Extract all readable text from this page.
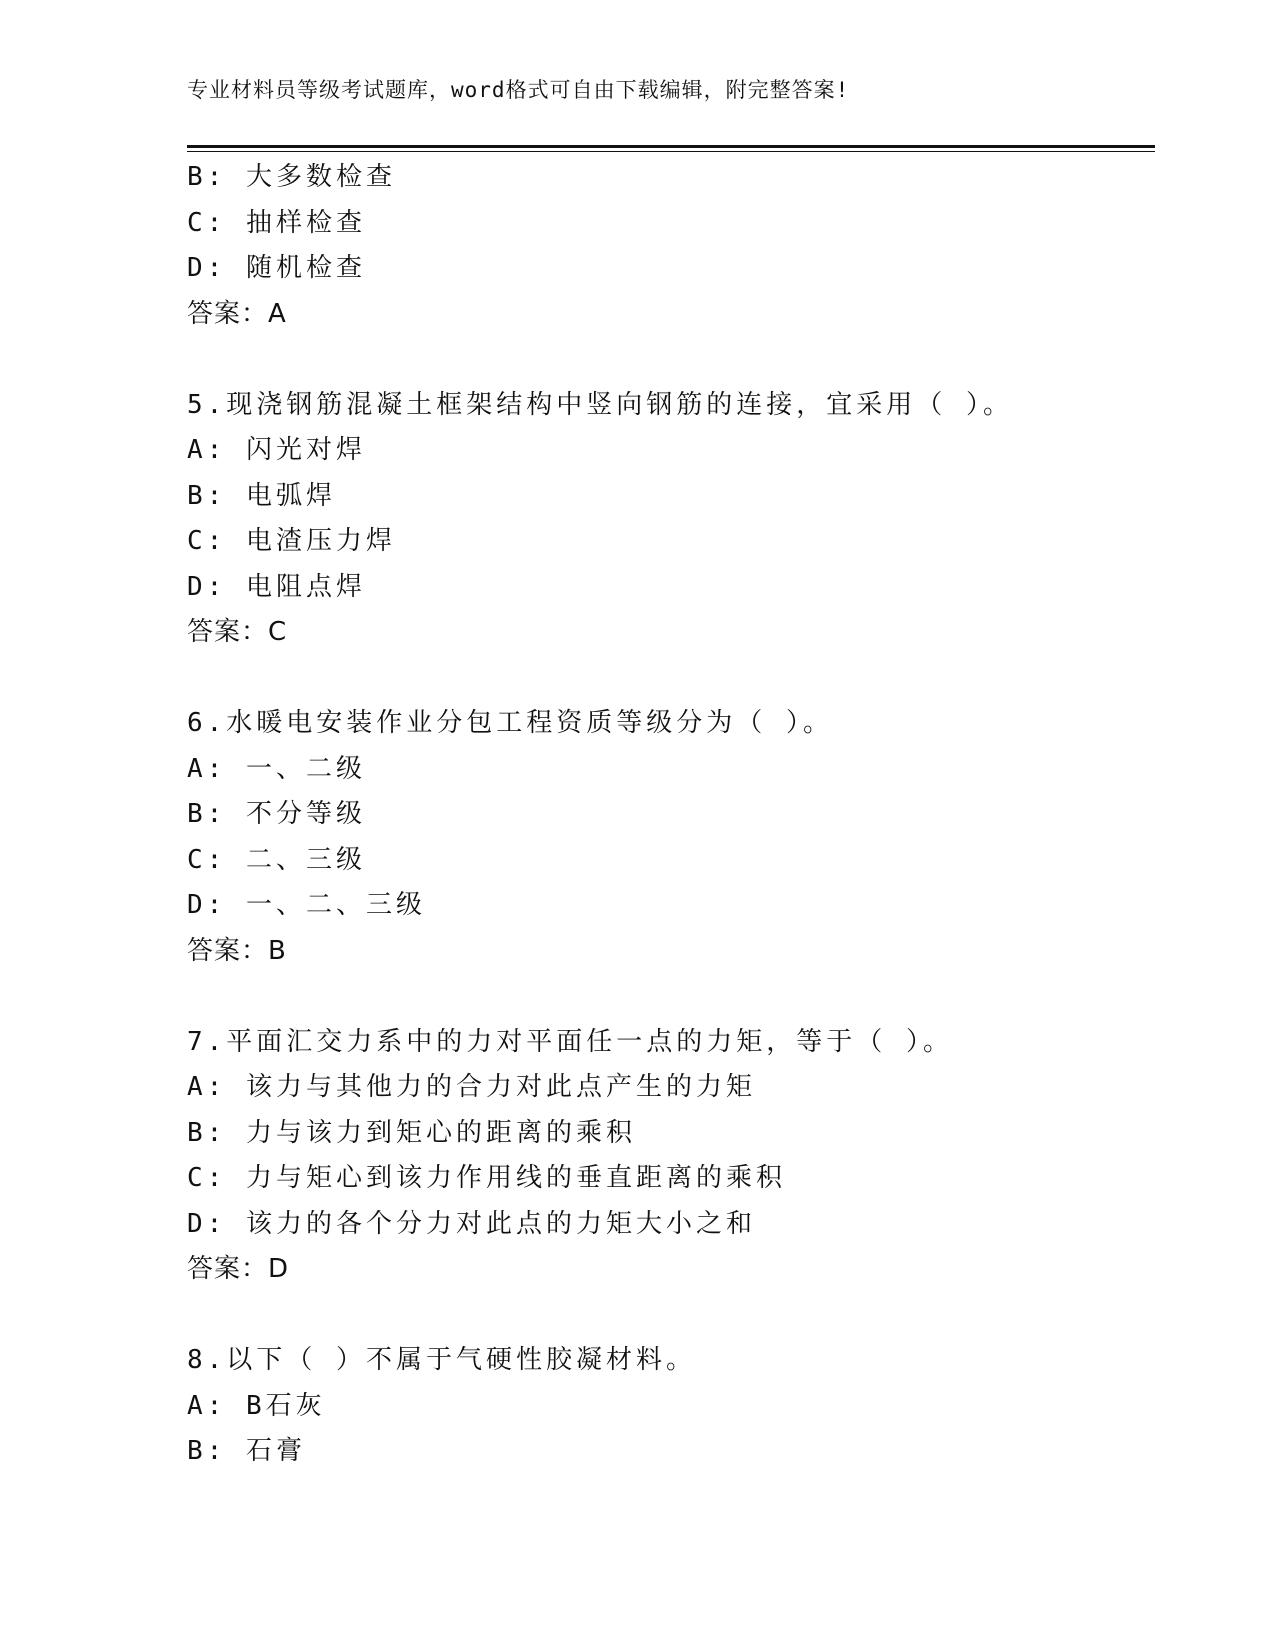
专业材料员等级考试题库，word格式可自由下载编辑，附完整答案!
B: 大多数检查
C: 抽样检查
D: 随机检查
答案：A
5.现浇钢筋混凝土框架结构中竖向钢筋的连接，宜采用（ ）。
A: 闪光对焊
B: 电弧焊
C: 电渣压力焊
D: 电阻点焊
答案：C
6.水暖电安装作业分包工程资质等级分为（ ）。
A: 一、二级
B: 不分等级
C: 二、三级
D: 一、二、三级
答案：B
7.平面汇交力系中的力对平面任一点的力矩，等于（ ）。
A: 该力与其他力的合力对此点产生的力矩
B: 力与该力到矩心的距离的乘积
C: 力与矩心到该力作用线的垂直距离的乘积
D: 该力的各个分力对此点的力矩大小之和
答案：D
8.以下（ ）不属于气硬性胶凝材料。
A: B石灰
B: 石膏
